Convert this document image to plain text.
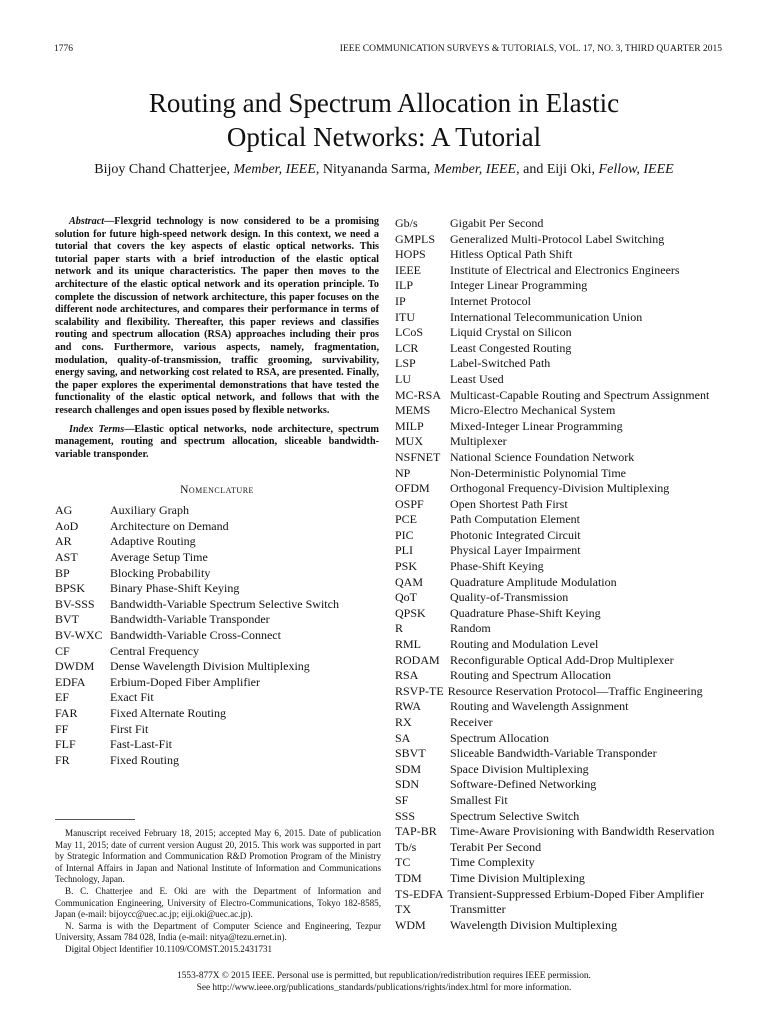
1776	IEEE COMMUNICATION SURVEYS & TUTORIALS, VOL. 17, NO. 3, THIRD QUARTER 2015
Routing and Spectrum Allocation in Elastic
Optical Networks: A Tutorial
Bijoy Chand Chatterjee, Member, IEEE, Nityananda Sarma, Member, IEEE, and Eiji Oki, Fellow, IEEE

Abstract—Flexgrid technology is now considered to be a promising solution for future high-speed network design. In this context, we need a tutorial that covers the key aspects of elastic optical networks. This tutorial paper starts with a brief introduction of the elastic optical network and its unique characteristics. The paper then moves to the architecture of the elastic optical network and its operation principle. To complete the discussion of network architecture, this paper focuses on the different node architectures, and compares their performance in terms of scalability and flexibility. Thereafter, this paper reviews and classifies routing and spectrum allocation (RSA) approaches including their pros and cons. Furthermore, various aspects, namely, fragmentation, modulation, quality-of-transmission, traffic grooming, survivability, energy saving, and networking cost related to RSA, are presented. Finally, the paper explores the experimental demonstrations that have tested the functionality of the elastic optical network, and follows that with the research challenges and open issues posed by flexible networks.

Index Terms—Elastic optical networks, node architecture, spectrum management, routing and spectrum allocation, sliceable bandwidth-variable transponder.

Nomenclature
AG	Auxiliary Graph
AoD	Architecture on Demand
AR	Adaptive Routing
AST	Average Setup Time
BP	Blocking Probability
BPSK	Binary Phase-Shift Keying
BV-SSS	Bandwidth-Variable Spectrum Selective Switch
BVT	Bandwidth-Variable Transponder
BV-WXC Bandwidth-Variable Cross-Connect
CF	Central Frequency
DWDM	Dense Wavelength Division Multiplexing
EDFA	Erbium-Doped Fiber Amplifier
EF	Exact Fit
FAR	Fixed Alternate Routing
FF	First Fit
FLF	Fast-Last-Fit
FR	Fixed Routing

Manuscript received February 18, 2015; accepted May 6, 2015. Date of publication May 11, 2015; date of current version August 20, 2015. This work was supported in part by Strategic Information and Communication R&D Promotion Program of the Ministry of Internal Affairs in Japan and National Institute of Information and Communications Technology, Japan.

B. C. Chatterjee and E. Oki are with the Department of Information and Communication Engineering, University of Electro-Communications, Tokyo 182-8585, Japan (e-mail: bijoycc@uec.ac.jp; eiji.oki@uec.ac.jp).

N. Sarma is with the Department of Computer Science and Engineering, Tezpur University, Assam 784 028, India (e-mail: nitya@tezu.ernet.in).

Digital Object Identifier 10.1109/COMST.2015.2431731

Gb/s	Gigabit Per Second
GMPLS	Generalized Multi-Protocol Label Switching
HOPS	Hitless Optical Path Shift
IEEE	Institute of Electrical and Electronics Engineers
ILP	Integer Linear Programming
IP	Internet Protocol
ITU	International Telecommunication Union
LCoS	Liquid Crystal on Silicon
LCR	Least Congested Routing
LSP	Label-Switched Path
LU	Least Used
MC-RSA Multicast-Capable Routing and Spectrum Assignment
MEMS	Micro-Electro Mechanical System
MILP	Mixed-Integer Linear Programming
MUX	Multiplexer
NSFNET National Science Foundation Network
NP	Non-Deterministic Polynomial Time
OFDM	Orthogonal Frequency-Division Multiplexing
OSPF	Open Shortest Path First
PCE	Path Computation Element
PIC	Photonic Integrated Circuit
PLI	Physical Layer Impairment
PSK	Phase-Shift Keying
QAM	Quadrature Amplitude Modulation
QoT	Quality-of-Transmission
QPSK	Quadrature Phase-Shift Keying
R	Random
RML	Routing and Modulation Level
RODAM Reconfigurable Optical Add-Drop Multiplexer
RSA	Routing and Spectrum Allocation
RSVP-TE Resource Reservation Protocol—Traffic Engineering
RWA	Routing and Wavelength Assignment
RX	Receiver
SA	Spectrum Allocation
SBVT	Sliceable Bandwidth-Variable Transponder
SDM	Space Division Multiplexing
SDN	Software-Defined Networking
SF	Smallest Fit
SSS	Spectrum Selective Switch
TAP-BR	Time-Aware Provisioning with Bandwidth Reservation
Tb/s	Terabit Per Second
TC	Time Complexity
TDM	Time Division Multiplexing
TS-EDFA Transient-Suppressed Erbium-Doped Fiber Amplifier
TX	Transmitter
WDM	Wavelength Division Multiplexing
1553-877X © 2015 IEEE. Personal use is permitted, but republication/redistribution requires IEEE permission.
See http://www.ieee.org/publications_standards/publications/rights/index.html for more information.
